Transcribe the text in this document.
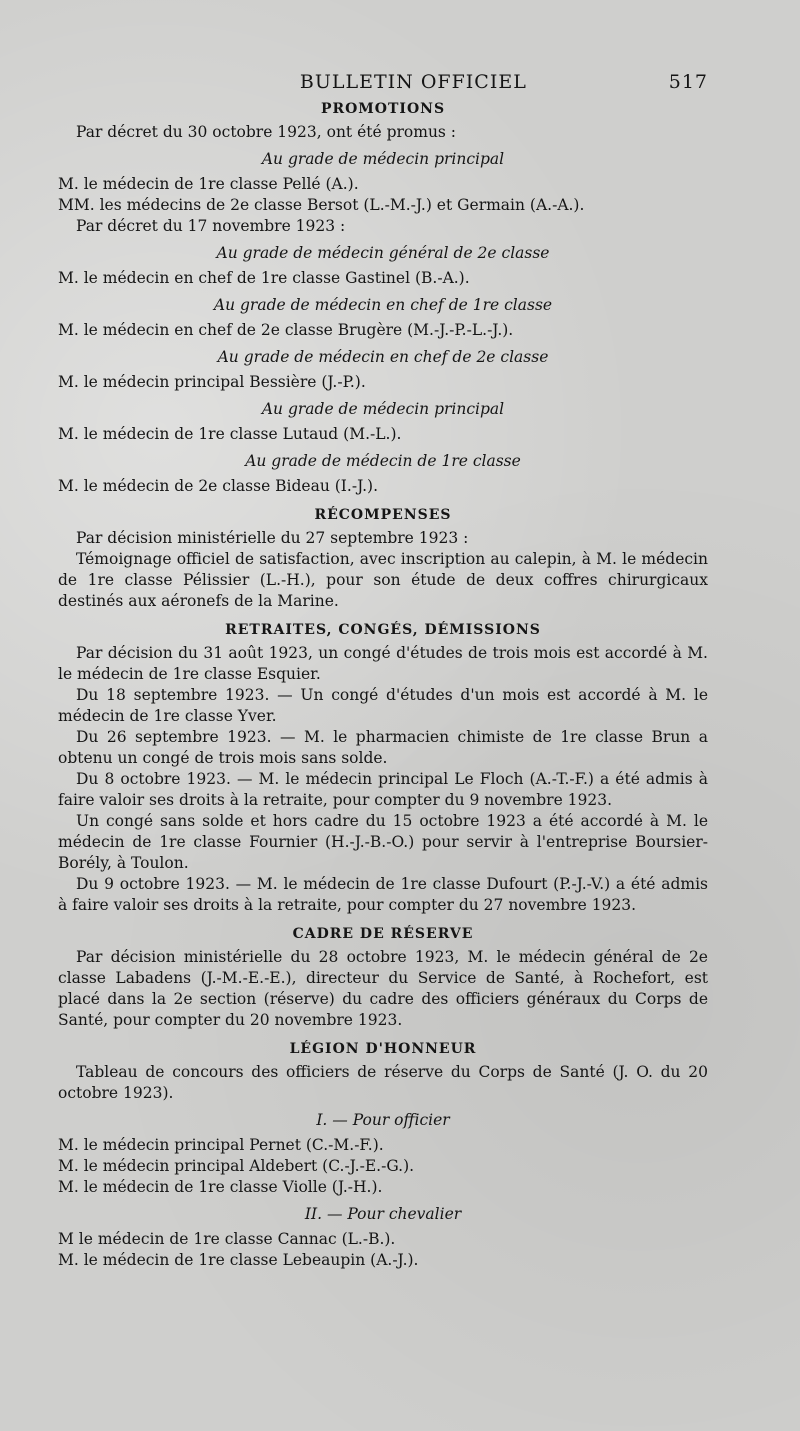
BULLETIN OFFICIEL	517
PROMOTIONS

Par décret du 30 octobre 1923, ont été promus :

Au grade de médecin principal

M. le médecin de 1re classe Pellé (A.).

MM. les médecins de 2e classe Bersot (L.-M.-J.) et Germain (A.-A.).

Par décret du 17 novembre 1923 :

Au grade de médecin général de 2e classe

M. le médecin en chef de 1re classe Gastinel (B.-A.).

Au grade de médecin en chef de 1re classe

M. le médecin en chef de 2e classe Brugère (M.-J.-P.-L.-J.).

Au grade de médecin en chef de 2e classe

M. le médecin principal Bessière (J.-P.).

Au grade de médecin principal

M. le médecin de 1re classe Lutaud (M.-L.).

Au grade de médecin de 1re classe

M. le médecin de 2e classe Bideau (I.-J.).

RÉCOMPENSES

Par décision ministérielle du 27 septembre 1923 :

Témoignage officiel de satisfaction, avec inscription au calepin, à M. le médecin de 1re classe Pélissier (L.-H.), pour son étude de deux coffres chirurgicaux destinés aux aéronefs de la Marine.

RETRAITES, CONGÉS, DÉMISSIONS

Par décision du 31 août 1923, un congé d'études de trois mois est accordé à M. le médecin de 1re classe Esquier.

Du 18 septembre 1923. — Un congé d'études d'un mois est accordé à M. le médecin de 1re classe Yver.

Du 26 septembre 1923. — M. le pharmacien chimiste de 1re classe Brun a obtenu un congé de trois mois sans solde.

Du 8 octobre 1923. — M. le médecin principal Le Floch (A.-T.-F.) a été admis à faire valoir ses droits à la retraite, pour compter du 9 novembre 1923.

Un congé sans solde et hors cadre du 15 octobre 1923 a été accordé à M. le médecin de 1re classe Fournier (H.-J.-B.-O.) pour servir à l'entreprise Boursier-Borély, à Toulon.

Du 9 octobre 1923. — M. le médecin de 1re classe Dufourt (P.-J.-V.) a été admis à faire valoir ses droits à la retraite, pour compter du 27 novembre 1923.

CADRE DE RÉSERVE

Par décision ministérielle du 28 octobre 1923, M. le médecin général de 2e classe Labadens (J.-M.-E.-E.), directeur du Service de Santé, à Rochefort, est placé dans la 2e section (réserve) du cadre des officiers généraux du Corps de Santé, pour compter du 20 novembre 1923.

LÉGION D'HONNEUR

Tableau de concours des officiers de réserve du Corps de Santé (J. O. du 20 octobre 1923).

I. — Pour officier

M. le médecin principal Pernet (C.-M.-F.).

M. le médecin principal Aldebert (C.-J.-E.-G.).

M. le médecin de 1re classe Violle (J.-H.).

II. — Pour chevalier

M le médecin de 1re classe Cannac (L.-B.).

M. le médecin de 1re classe Lebeaupin (A.-J.).
